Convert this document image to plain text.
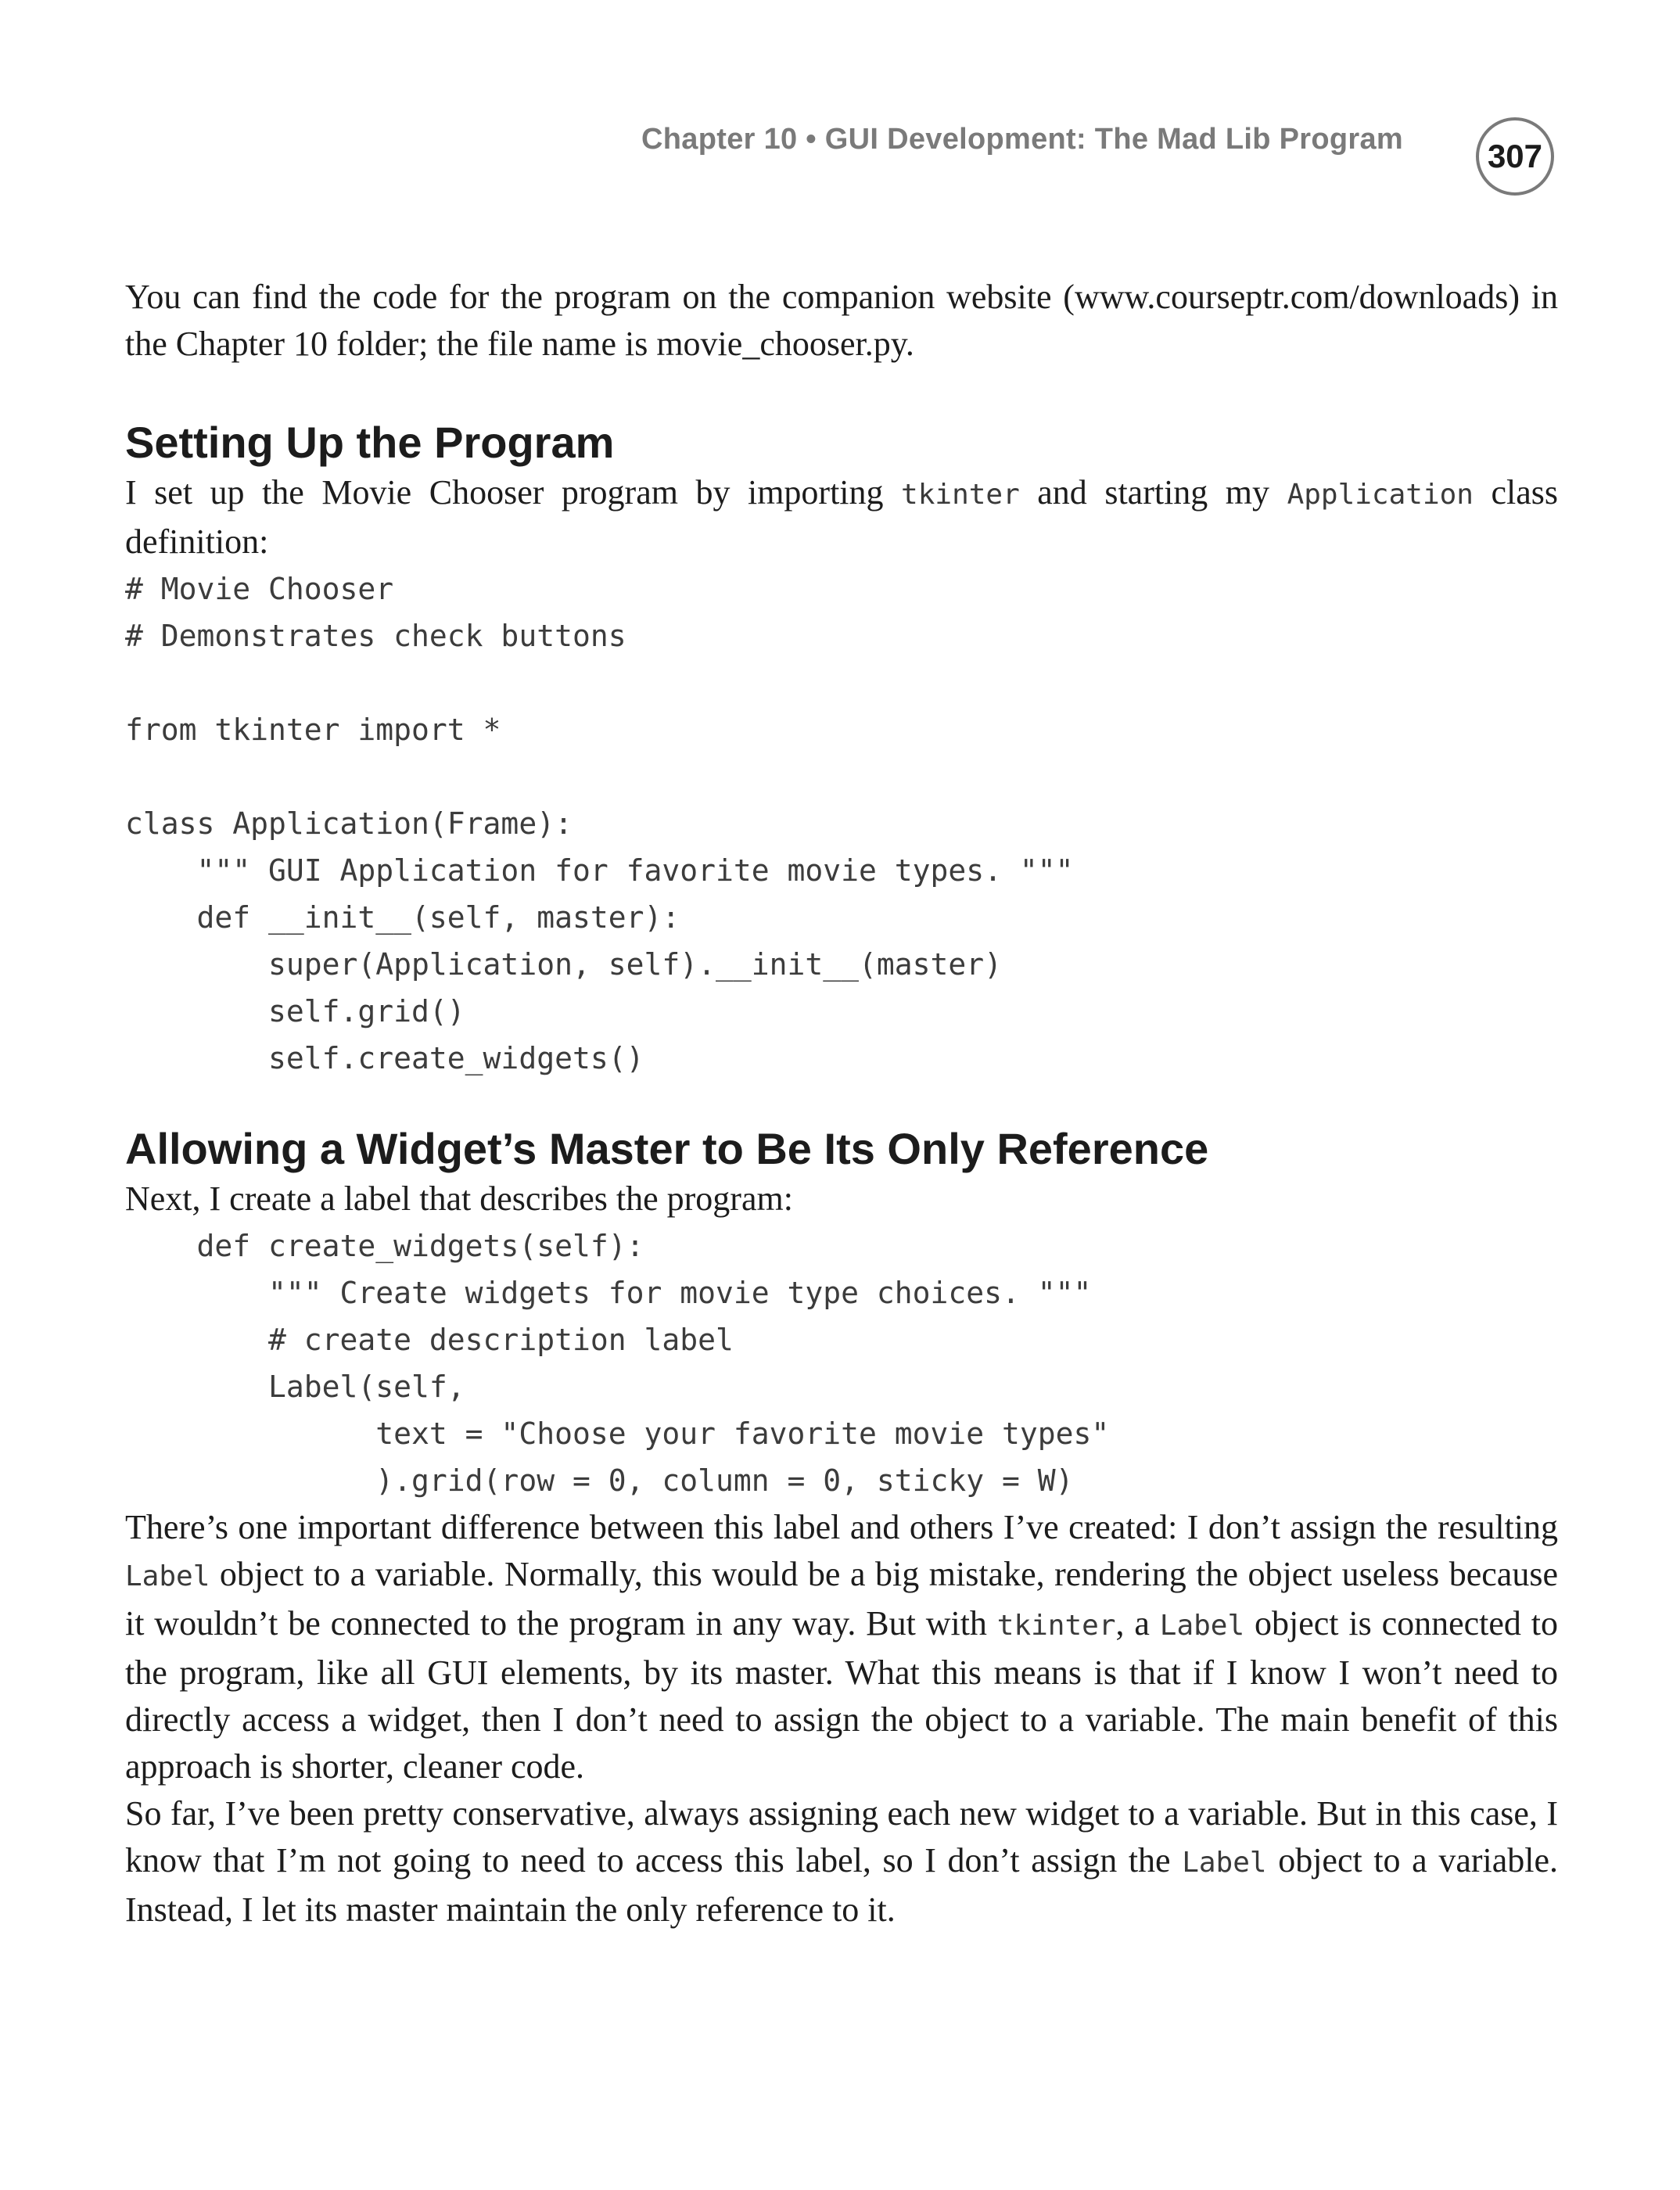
Chapter 10 • GUI Development: The Mad Lib Program	307

You can find the code for the program on the companion website (www.courseptr.com/downloads) in the Chapter 10 folder; the file name is movie_chooser.py.

Setting Up the Program

I set up the Movie Chooser program by importing tkinter and starting my Application class definition:

# Movie Chooser
# Demonstrates check buttons

from tkinter import *

class Application(Frame):
""" GUI Application for favorite movie types. """
def __init__(self, master):
super(Application, self).__init__(master)
self.grid()
self.create_widgets()
Allowing a Widget’s Master to Be Its Only Reference

Next, I create a label that describes the program:

def create_widgets(self):
""" Create widgets for movie type choices. """
# create description label
Label(self,
text = "Choose your favorite movie types"
).grid(row = 0, column = 0, sticky = W)

There’s one important difference between this label and others I’ve created: I don’t assign the resulting Label object to a variable. Normally, this would be a big mistake, rendering the object useless because it wouldn’t be connected to the program in any way. But with tkinter, a Label object is connected to the program, like all GUI elements, by its master. What this means is that if I know I won’t need to directly access a widget, then I don’t need to assign the object to a variable. The main benefit of this approach is shorter, cleaner code.

So far, I’ve been pretty conservative, always assigning each new widget to a variable. But in this case, I know that I’m not going to need to access this label, so I don’t assign the Label object to a variable. Instead, I let its master maintain the only reference to it.
